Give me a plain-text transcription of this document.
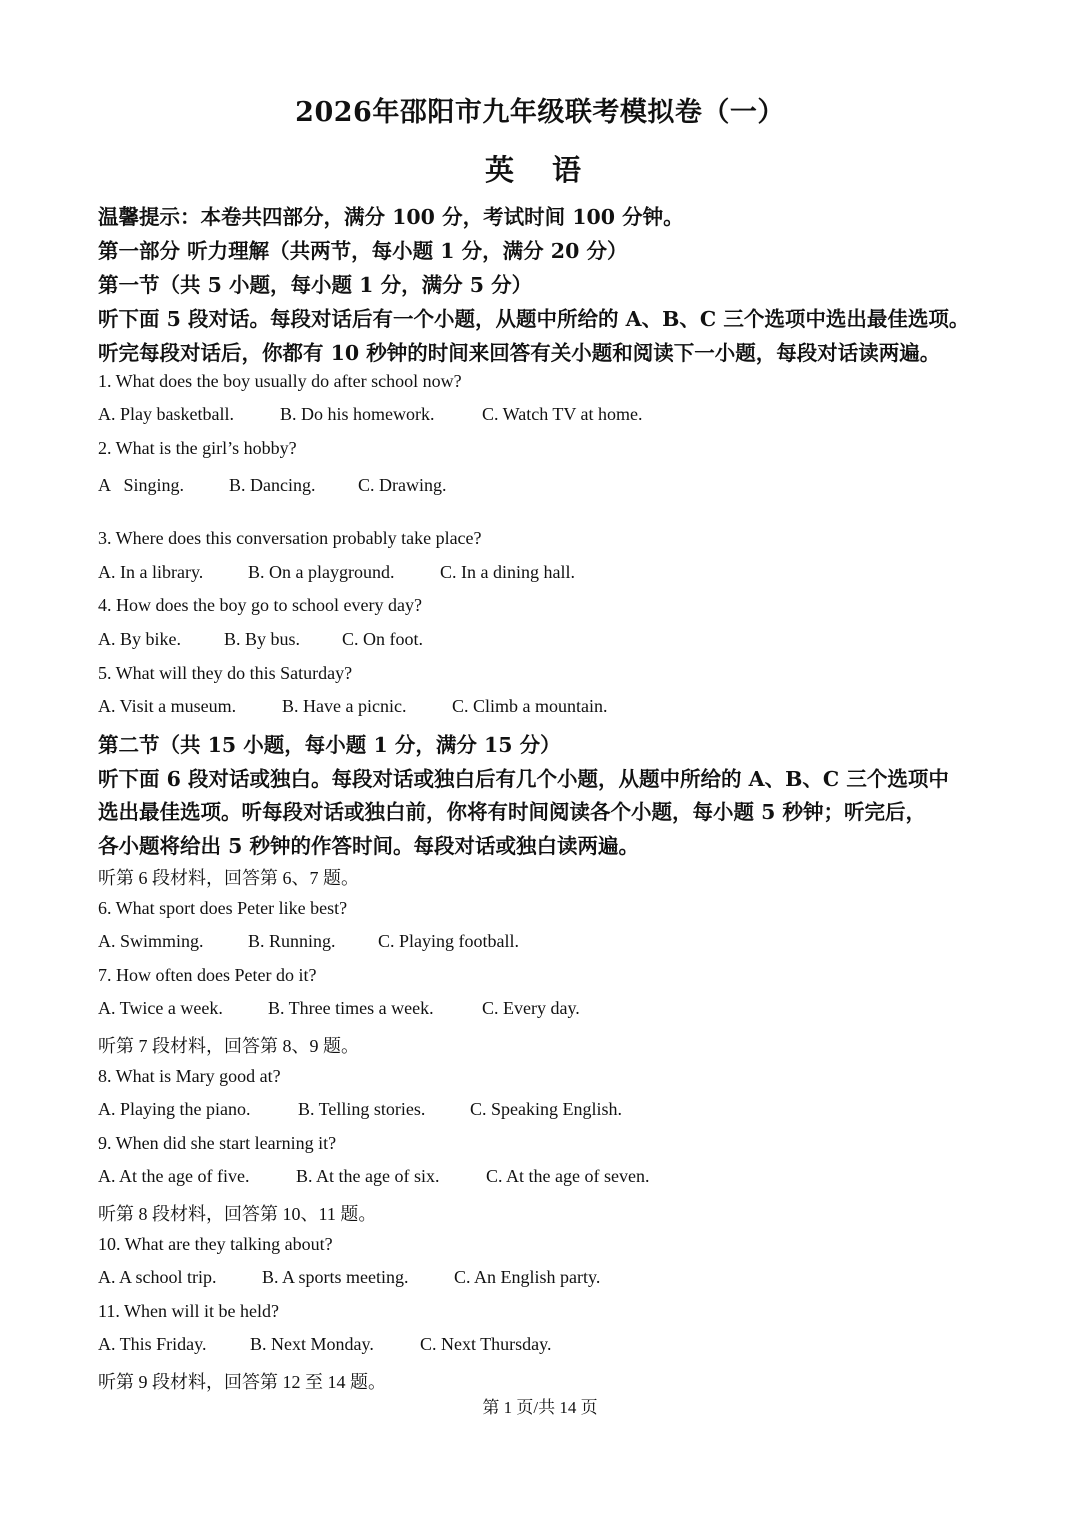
2026年邵阳市九年级联考模拟卷（一）
英 语
温馨提示：本卷共四部分，满分 100 分，考试时间 100 分钟。
第一部分 听力理解（共两节，每小题 1 分，满分 20 分）
第一节（共 5 小题，每小题 1 分，满分 5 分）
听下面 5 段对话。每段对话后有一个小题，从题中所给的 A、B、C 三个选项中选出最佳选项。
听完每段对话后，你都有 10 秒钟的时间来回答有关小题和阅读下一小题，每段对话读两遍。
1. What does the boy usually do after school now?
A. Play basketball.	B. Do his homework.	C. Watch TV at home.
2. What is the girl’s hobby?
A   Singing. B. Dancing. C. Drawing.
3. Where does this conversation probably take place?
A. In a library. B. On a playground.	C. In a dining hall.
4. How does the boy go to school every day?
A. By bike. B. By bus. C. On foot.
5. What will they do this Saturday?
A. Visit a museum.	B. Have a picnic.	C. Climb a mountain.
第二节（共 15 小题，每小题 1 分，满分 15 分）
听下面 6 段对话或独白。每段对话或独白后有几个小题，从题中所给的 A、B、C 三个选项中
选出最佳选项。听每段对话或独白前，你将有时间阅读各个小题，每小题 5 秒钟；听完后，
各小题将给出 5 秒钟的作答时间。每段对话或独白读两遍。
听第 6 段材料，回答第 6、7 题。
6. What sport does Peter like best?
A. Swimming. B. Running. C. Playing football.
7. How often does Peter do it?
A. Twice a week.	B. Three times a week.	C. Every day.
听第 7 段材料，回答第 8、9 题。
8. What is Mary good at?
A. Playing the piano.	B. Telling stories. C. Speaking English.
9. When did she start learning it?
A. At the age of five.	B. At the age of six.	C. At the age of seven.
听第 8 段材料，回答第 10、11 题。
10. What are they talking about?
A. A school trip.	B. A sports meeting.	C. An English party.
11. When will it be held?
A. This Friday. B. Next Monday.	C. Next Thursday.
听第 9 段材料，回答第 12 至 14 题。
第 1 页/共 14 页
